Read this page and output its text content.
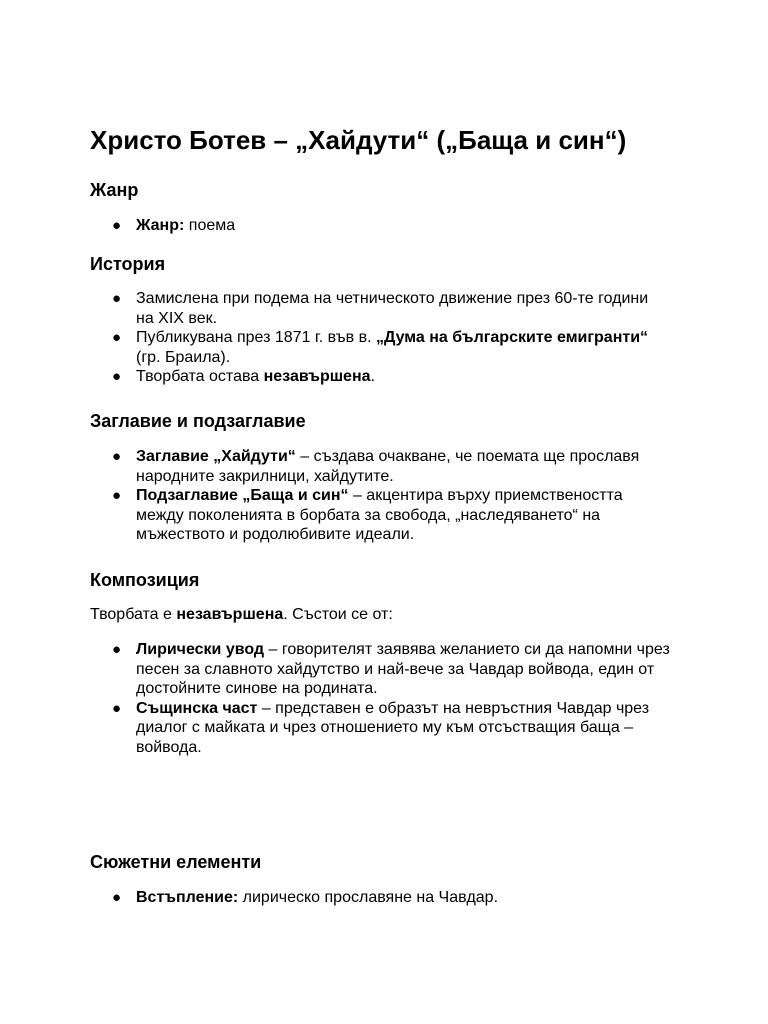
Христо Ботев – „Хайдути“ („Баща и син“)
Жанр
● Жанр: поема
История
● Замислена при подема на четническото движение през 60-те години на XIX век.
● Публикувана през 1871 г. във в. „Дума на българските емигранти“ (гр. Браила).
● Творбата остава незавършена.
Заглавие и подзаглавие
● Заглавие „Хайдути“ – създава очакване, че поемата ще прославя народните закрилници, хайдутите.
● Подзаглавие „Баща и син“ – акцентира върху приемствеността между поколенията в борбата за свобода, „наследяването“ на мъжеството и родолюбивите идеали.
Композиция

Творбата е незавършена. Състои се от:

● Лирически увод – говорителят заявява желанието си да напомни чрез песен за славното хайдутство и най-вече за Чавдар войвода, един от достойните синове на родината.
● Същинска част – представен е образът на невръстния Чавдар чрез диалог с майката и чрез отношението му към отсъстващия баща – войвода.
Сюжетни елементи
● Встъпление: лирическо прославяне на Чавдар.
